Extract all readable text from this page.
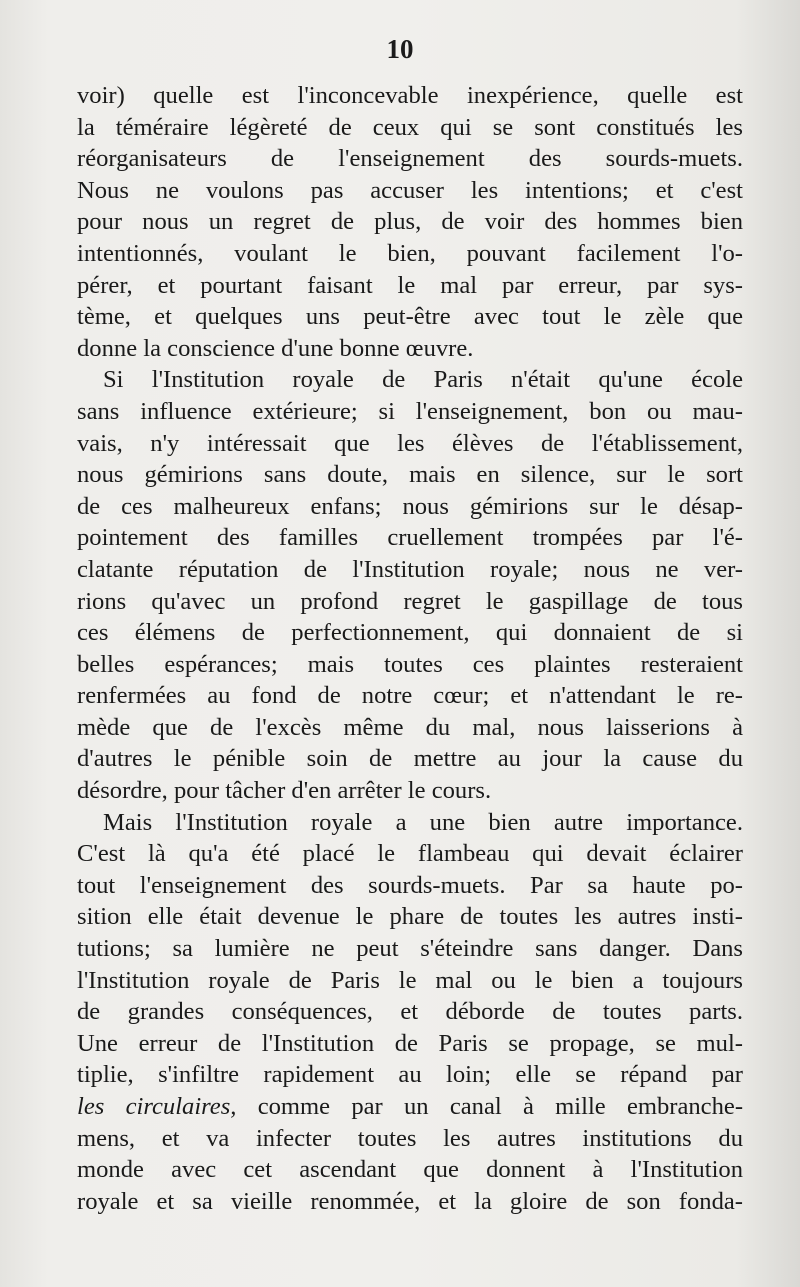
10
voir) quelle est l'inconcevable inexpérience, quelle est
la téméraire légèreté de ceux qui se sont constitués les
réorganisateurs de l'enseignement des sourds-muets.
Nous ne voulons pas accuser les intentions; et c'est
pour nous un regret de plus, de voir des hommes bien
intentionnés, voulant le bien, pouvant facilement l'o-
pérer, et pourtant faisant le mal par erreur, par sys-
tème, et quelques uns peut-être avec tout le zèle que
donne la conscience d'une bonne œuvre.
Si l'Institution royale de Paris n'était qu'une école
sans influence extérieure; si l'enseignement, bon ou mau-
vais, n'y intéressait que les élèves de l'établissement,
nous gémirions sans doute, mais en silence, sur le sort
de ces malheureux enfans; nous gémirions sur le désap-
pointement des familles cruellement trompées par l'é-
clatante réputation de l'Institution royale; nous ne ver-
rions qu'avec un profond regret le gaspillage de tous
ces élémens de perfectionnement, qui donnaient de si
belles espérances; mais toutes ces plaintes resteraient
renfermées au fond de notre cœur; et n'attendant le re-
mède que de l'excès même du mal, nous laisserions à
d'autres le pénible soin de mettre au jour la cause du
désordre, pour tâcher d'en arrêter le cours.
Mais l'Institution royale a une bien autre importance.
C'est là qu'a été placé le flambeau qui devait éclairer
tout l'enseignement des sourds-muets. Par sa haute po-
sition elle était devenue le phare de toutes les autres insti-
tutions; sa lumière ne peut s'éteindre sans danger. Dans
l'Institution royale de Paris le mal ou le bien a toujours
de grandes conséquences, et déborde de toutes parts.
Une erreur de l'Institution de Paris se propage, se mul-
tiplie, s'infiltre rapidement au loin; elle se répand par
les circulaires, comme par un canal à mille embranche-
mens, et va infecter toutes les autres institutions du
monde avec cet ascendant que donnent à l'Institution
royale et sa vieille renommée, et la gloire de son fonda-
